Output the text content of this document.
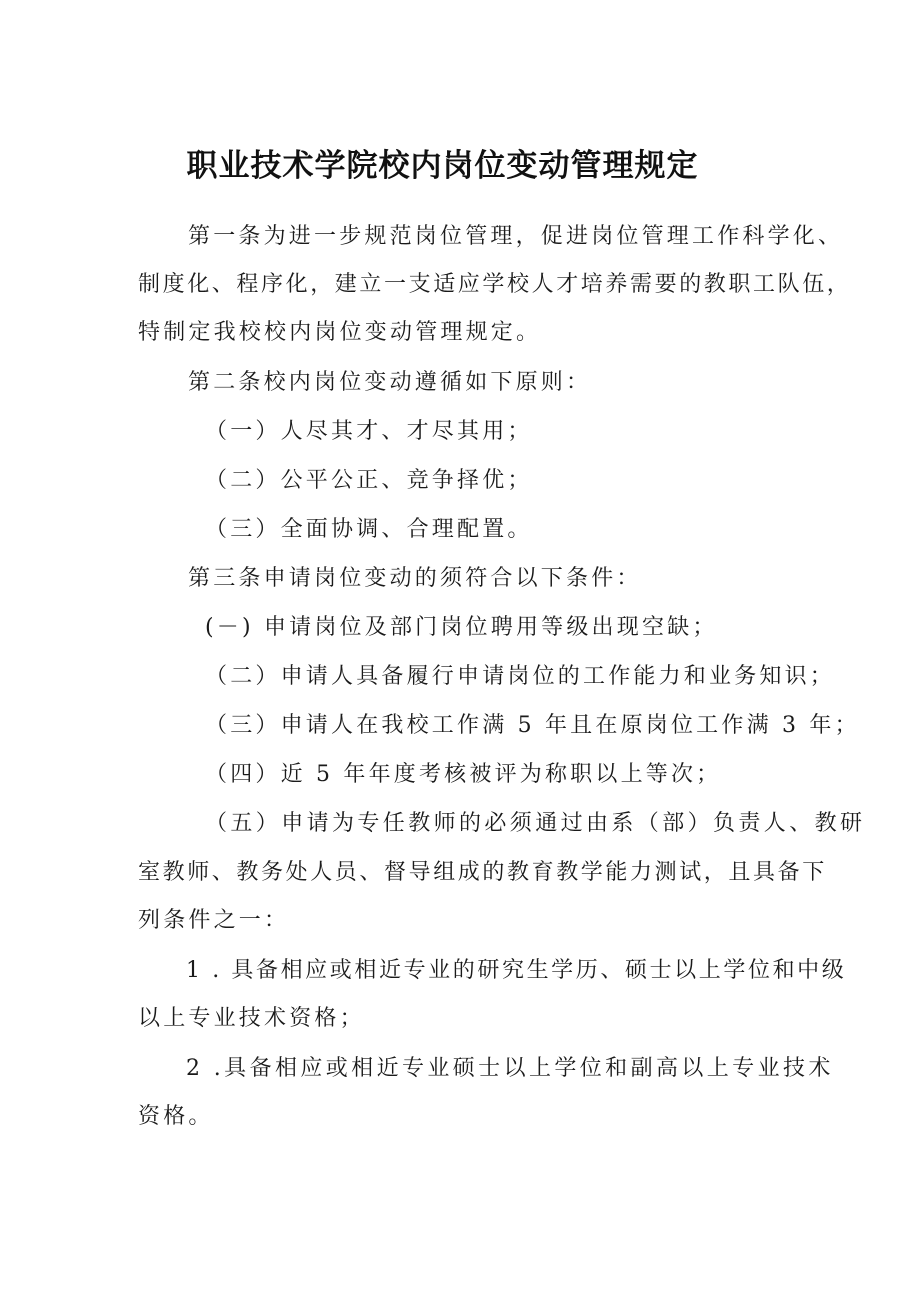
职业技术学院校内岗位变动管理规定

第一条为进一步规范岗位管理，促进岗位管理工作科学化、

制度化、程序化，建立一支适应学校人才培养需要的教职工队伍，

特制定我校校内岗位变动管理规定。

第二条校内岗位变动遵循如下原则：

（一）人尽其才、才尽其用；

（二）公平公正、竞争择优；

（三）全面协调、合理配置。

第三条申请岗位变动的须符合以下条件：

(－) 申请岗位及部门岗位聘用等级出现空缺；

（二）申请人具备履行申请岗位的工作能力和业务知识；

（三）申请人在我校工作满 5 年且在原岗位工作满 3 年；

（四）近 5 年年度考核被评为称职以上等次；

（五）申请为专任教师的必须通过由系（部）负责人、教研

室教师、教务处人员、督导组成的教育教学能力测试，且具备下

列条件之一：

1 . 具备相应或相近专业的研究生学历、硕士以上学位和中级

以上专业技术资格；

2 .具备相应或相近专业硕士以上学位和副高以上专业技术

资格。
